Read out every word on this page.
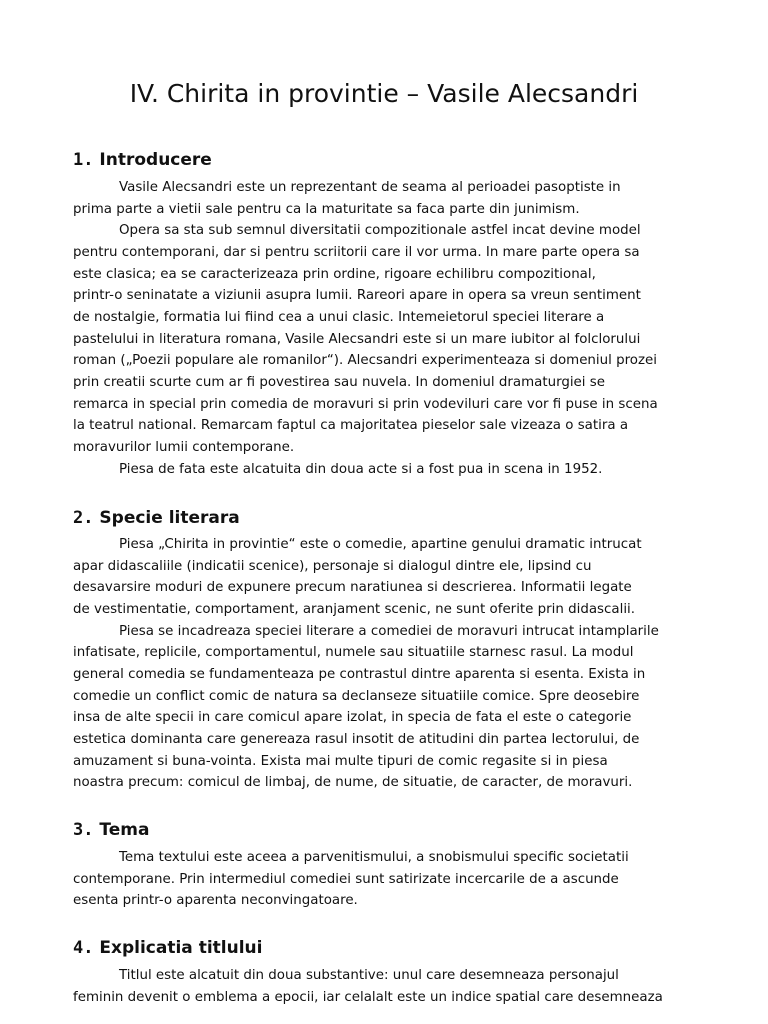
IV. Chirita in provintie – Vasile Alecsandri
1. Introducere
Vasile Alecsandri este un reprezentant de seama al perioadei pasoptiste in
prima parte a vietii sale pentru ca la maturitate sa faca parte din junimism.
Opera sa sta sub semnul diversitatii compozitionale astfel incat devine model
pentru contemporani, dar si pentru scriitorii care il vor urma. In mare parte opera sa
este clasica; ea se caracterizeaza prin ordine, rigoare echilibru compozitional,
printr-o seninatate a viziunii asupra lumii. Rareori apare in opera sa vreun sentiment
de nostalgie, formatia lui fiind cea a unui clasic. Intemeietorul speciei literare a
pastelului in literatura romana, Vasile Alecsandri este si un mare iubitor al folclorului
roman („Poezii populare ale romanilor“). Alecsandri experimenteaza si domeniul prozei
prin creatii scurte cum ar fi povestirea sau nuvela. In domeniul dramaturgiei se
remarca in special prin comedia de moravuri si prin vodeviluri care vor fi puse in scena
la teatrul national. Remarcam faptul ca majoritatea pieselor sale vizeaza o satira a
moravurilor lumii contemporane.
Piesa de fata este alcatuita din doua acte si a fost pua in scena in 1952.
2. Specie literara
Piesa „Chirita in provintie“ este o comedie, apartine genului dramatic intrucat
apar didascaliile (indicatii scenice), personaje si dialogul dintre ele, lipsind cu
desavarsire moduri de expunere precum naratiunea si descrierea. Informatii legate
de vestimentatie, comportament, aranjament scenic, ne sunt oferite prin didascalii.
Piesa se incadreaza speciei literare a comediei de moravuri intrucat intamplarile
infatisate, replicile, comportamentul, numele sau situatiile starnesc rasul. La modul
general comedia se fundamenteaza pe contrastul dintre aparenta si esenta. Exista in
comedie un conflict comic de natura sa declanseze situatiile comice. Spre deosebire
insa de alte specii in care comicul apare izolat, in specia de fata el este o categorie
estetica dominanta care genereaza rasul insotit de atitudini din partea lectorului, de
amuzament si buna-vointa. Exista mai multe tipuri de comic regasite si in piesa
noastra precum: comicul de limbaj, de nume, de situatie, de caracter, de moravuri.
3. Tema
Tema textului este aceea a parvenitismului, a snobismului specific societatii
contemporane. Prin intermediul comediei sunt satirizate incercarile de a ascunde
esenta printr-o aparenta neconvingatoare.
4. Explicatia titlului
Titlul este alcatuit din doua substantive: unul care desemneaza personajul
feminin devenit o emblema a epocii, iar celalalt este un indice spatial care desemneaza
